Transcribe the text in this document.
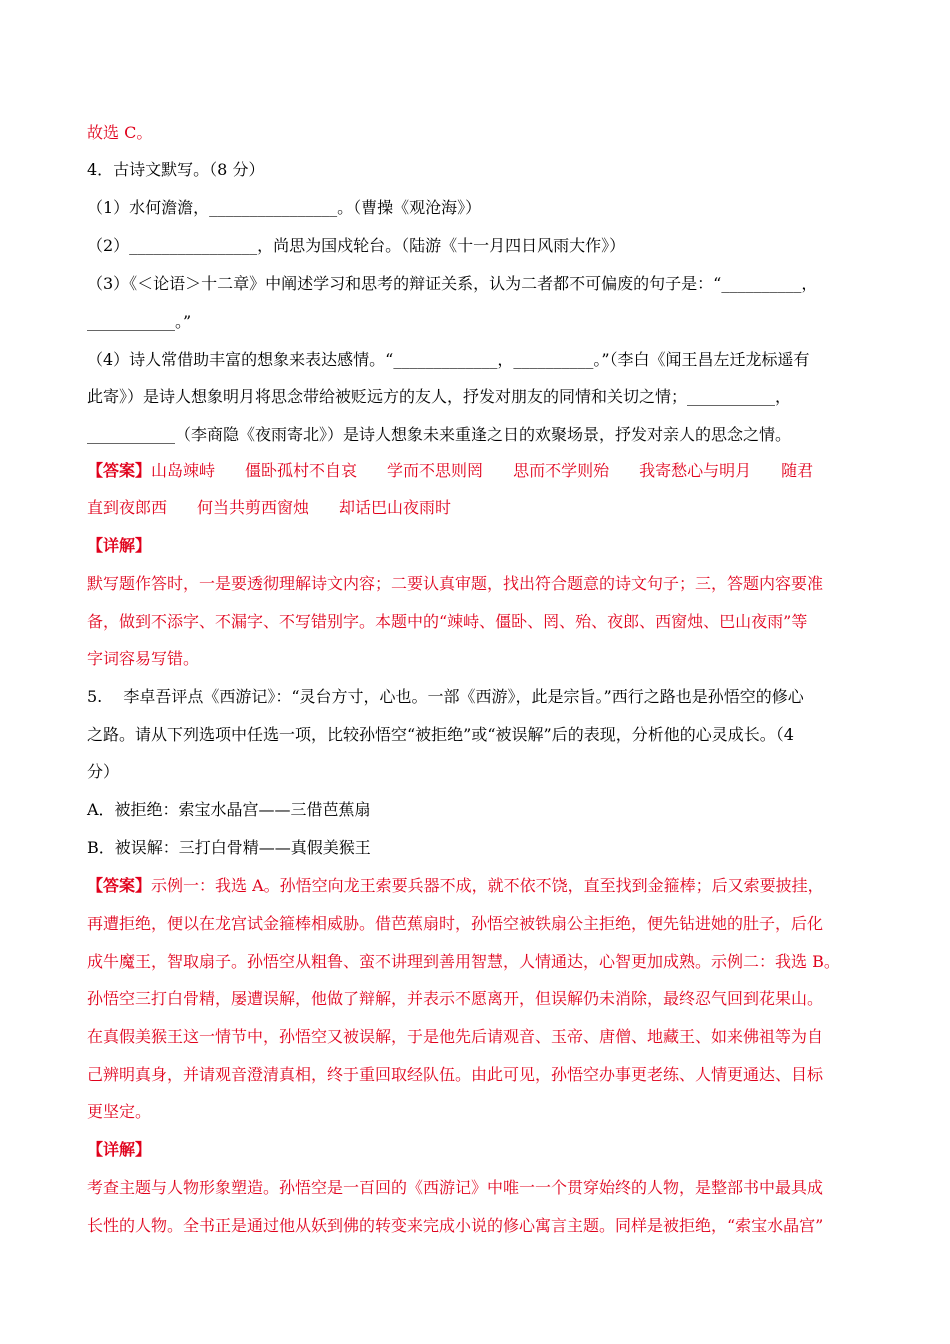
故选 C。
4．古诗文默写。（8 分）
（1）水何澹澹，________________。（曹操《观沧海》）
（2）________________，尚思为国戍轮台。（陆游《十一月四日风雨大作》）
（3）《＜论语＞十二章》中阐述学习和思考的辩证关系，认为二者都不可偏废的句子是：“__________，
___________。”
（4）诗人常借助丰富的想象来表达感情。“_____________，__________。”（李白《闻王昌左迁龙标遥有
此寄》）是诗人想象明月将思念带给被贬远方的友人，抒发对朋友的同情和关切之情；___________，
___________（李商隐《夜雨寄北》）是诗人想象未来重逢之日的欢聚场景，抒发对亲人的思念之情。
【答案】山岛竦峙 僵卧孤村不自哀 学而不思则罔 思而不学则殆 我寄愁心与明月 随君
直到夜郎西 何当共剪西窗烛 却话巴山夜雨时
【详解】
默写题作答时，一是要透彻理解诗文内容；二要认真审题，找出符合题意的诗文句子；三，答题内容要准
备，做到不添字、不漏字、不写错别字。本题中的“竦峙、僵卧、罔、殆、夜郎、西窗烛、巴山夜雨”等
字词容易写错。
5.　 李卓吾评点《西游记》：“灵台方寸，心也。一部《西游》，此是宗旨。”西行之路也是孙悟空的修心
之路。请从下列选项中任选一项，比较孙悟空“被拒绝”或“被误解”后的表现，分析他的心灵成长。（4
分）
A．被拒绝：索宝水晶宫——三借芭蕉扇
B．被误解：三打白骨精——真假美猴王
【答案】示例一：我选 A。孙悟空向龙王索要兵器不成，就不依不饶，直至找到金箍棒；后又索要披挂，
再遭拒绝，便以在龙宫试金箍棒相威胁。借芭蕉扇时，孙悟空被铁扇公主拒绝，便先钻进她的肚子，后化
成牛魔王，智取扇子。孙悟空从粗鲁、蛮不讲理到善用智慧，人情通达，心智更加成熟。示例二：我选 B。
孙悟空三打白骨精，屡遭误解，他做了辩解，并表示不愿离开，但误解仍未消除，最终忍气回到花果山。
在真假美猴王这一情节中，孙悟空又被误解，于是他先后请观音、玉帝、唐僧、地藏王、如来佛祖等为自
己辨明真身，并请观音澄清真相，终于重回取经队伍。由此可见，孙悟空办事更老练、人情更通达、目标
更坚定。
【详解】
考查主题与人物形象塑造。孙悟空是一百回的《西游记》中唯一一个贯穿始终的人物，是整部书中最具成
长性的人物。全书正是通过他从妖到佛的转变来完成小说的修心寓言主题。同样是被拒绝，“索宝水晶宫”
